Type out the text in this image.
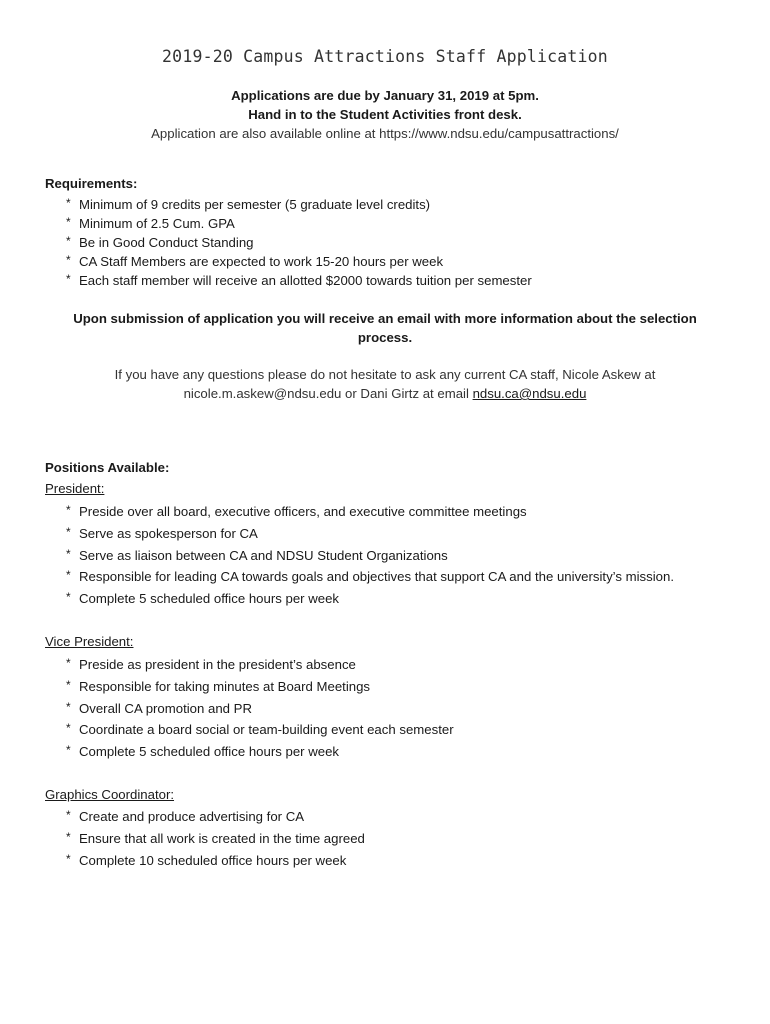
2019-20 Campus Attractions Staff Application
Applications are due by January 31, 2019 at 5pm.
Hand in to the Student Activities front desk.
Application are also available online at https://www.ndsu.edu/campusattractions/
Requirements:
* Minimum of 9 credits per semester (5 graduate level credits)
* Minimum of 2.5 Cum. GPA
* Be in Good Conduct Standing
* CA Staff Members are expected to work 15-20 hours per week
* Each staff member will receive an allotted $2000 towards tuition per semester
Upon submission of application you will receive an email with more information about the selection
process.
If you have any questions please do not hesitate to ask any current CA staff, Nicole Askew at
nicole.m.askew@ndsu.edu or Dani Girtz at email ndsu.ca@ndsu.edu
Positions Available:
President:
* Preside over all board, executive officers, and executive committee meetings
* Serve as spokesperson for CA
* Serve as liaison between CA and NDSU Student Organizations
* Responsible for leading CA towards goals and objectives that support CA and the university’s mission.
* Complete 5 scheduled office hours per week
Vice President:
* Preside as president in the president’s absence
* Responsible for taking minutes at Board Meetings
* Overall CA promotion and PR
* Coordinate a board social or team-building event each semester
* Complete 5 scheduled office hours per week
Graphics Coordinator:
* Create and produce advertising for CA
* Ensure that all work is created in the time agreed
* Complete 10 scheduled office hours per week
